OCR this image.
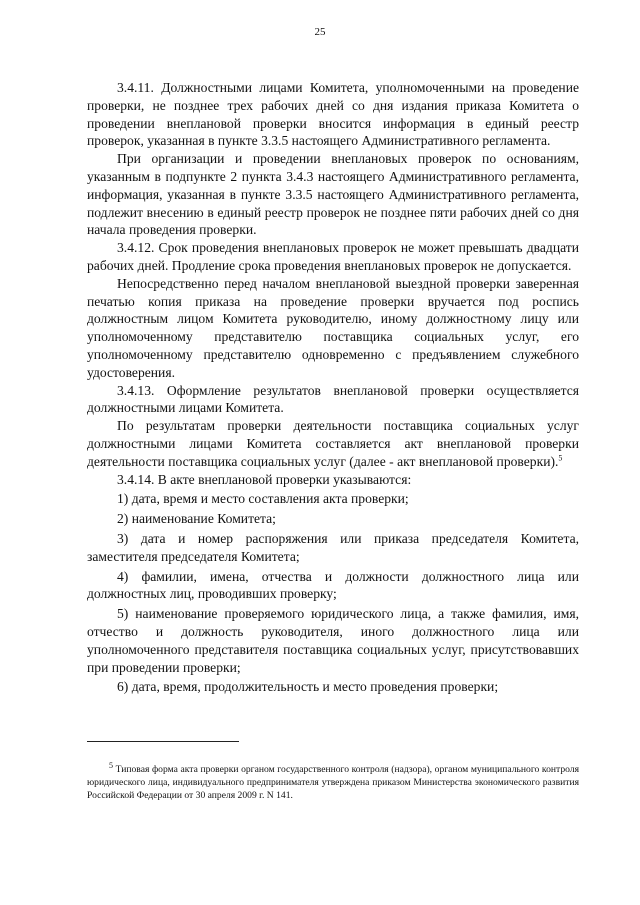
25

3.4.11. Должностными лицами Комитета, уполномоченными на проведение проверки, не позднее трех рабочих дней со дня издания приказа Комитета о проведении внеплановой проверки вносится информация в единый реестр проверок, указанная в пункте 3.3.5 настоящего Административного регламента.

При организации и проведении внеплановых проверок по основаниям, указанным в подпункте 2 пункта 3.4.3 настоящего Административного регламента, информация, указанная в пункте 3.3.5 настоящего Административного регламента, подлежит внесению в единый реестр проверок не позднее пяти рабочих дней со дня начала проведения проверки.

3.4.12. Срок проведения внеплановых проверок не может превышать двадцати рабочих дней. Продление срока проведения внеплановых проверок не допускается.

Непосредственно перед началом внеплановой выездной проверки заверенная печатью копия приказа на проведение проверки вручается под роспись должностным лицом Комитета руководителю, иному должностному лицу или уполномоченному представителю поставщика социальных услуг, его уполномоченному представителю одновременно с предъявлением служебного удостоверения.

3.4.13. Оформление результатов внеплановой проверки осуществляется должностными лицами Комитета.

По результатам проверки деятельности поставщика социальных услуг должностными лицами Комитета составляется акт внеплановой проверки деятельности поставщика социальных услуг (далее - акт внеплановой проверки).$^5$

3.4.14. В акте внеплановой проверки указываются:

1) дата, время и место составления акта проверки;

2) наименование Комитета;

3) дата и номер распоряжения или приказа председателя Комитета, заместителя председателя Комитета;

4) фамилии, имена, отчества и должности должностного лица или должностных лиц, проводивших проверку;

5) наименование проверяемого юридического лица, а также фамилия, имя, отчество и должность руководителя, иного должностного лица или уполномоченного представителя поставщика социальных услуг, присутствовавших при проведении проверки;

6) дата, время, продолжительность и место проведения проверки;

$^5$ Типовая форма акта проверки органом государственного контроля (надзора), органом муниципального контроля юридического лица, индивидуального предпринимателя утверждена приказом Министерства экономического развития Российской Федерации от 30 апреля 2009 г. N 141.
